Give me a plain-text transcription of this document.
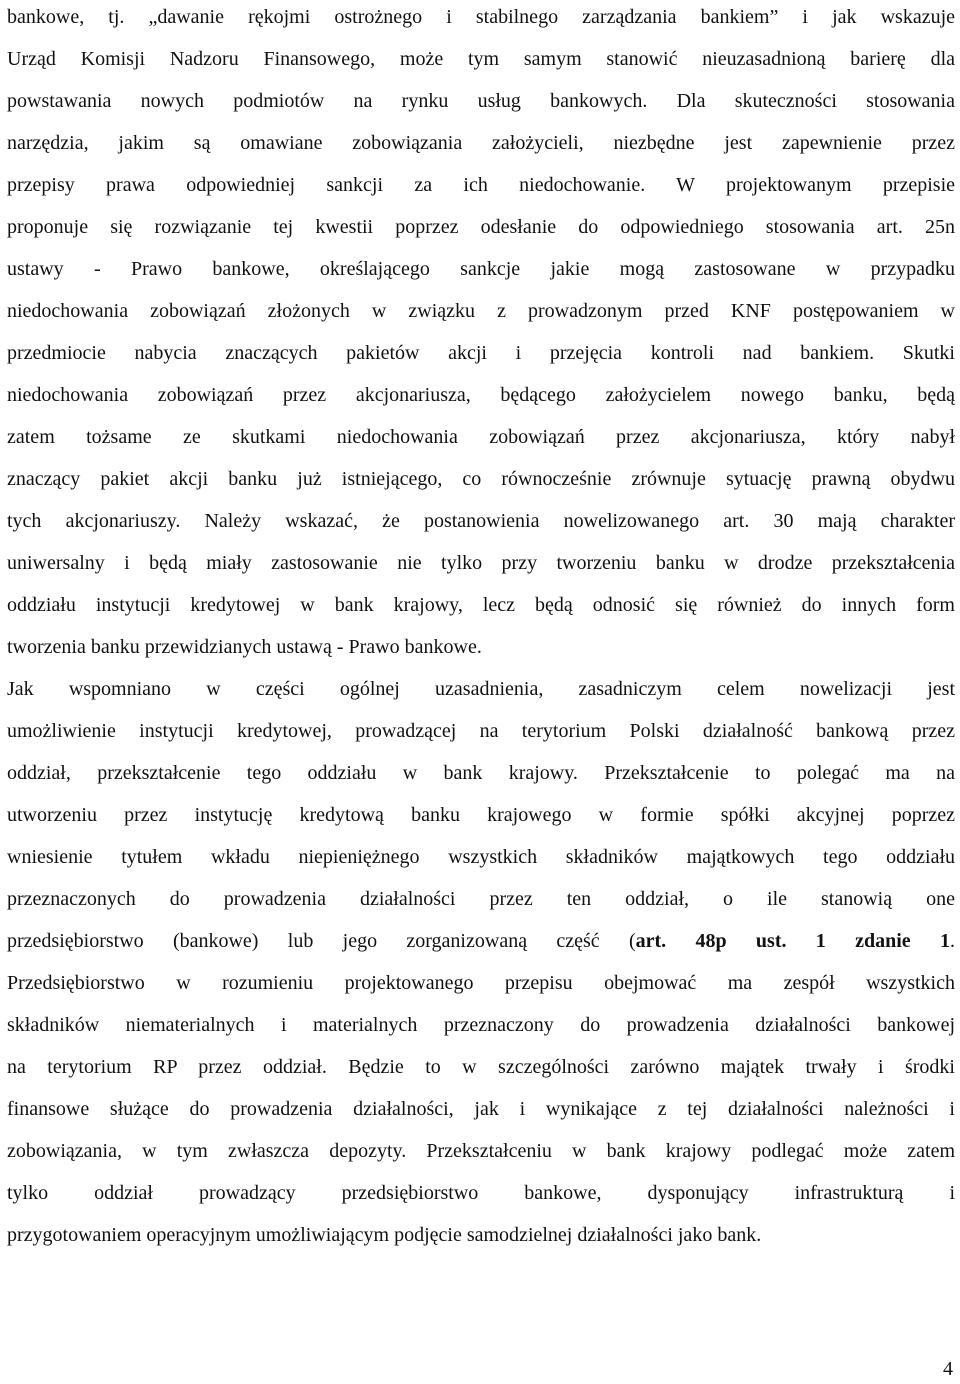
bankowe, tj. „dawanie rękojmi ostrożnego i stabilnego zarządzania bankiem” i jak wskazuje
Urząd Komisji Nadzoru Finansowego, może tym samym stanowić nieuzasadnioną barierę dla
powstawania nowych podmiotów na rynku usług bankowych. Dla skuteczności stosowania
narzędzia, jakim są omawiane zobowiązania założycieli, niezbędne jest zapewnienie przez
przepisy prawa odpowiedniej sankcji za ich niedochowanie. W projektowanym przepisie
proponuje się rozwiązanie tej kwestii poprzez odesłanie do odpowiedniego stosowania art. 25n
ustawy - Prawo bankowe, określającego sankcje jakie mogą zastosowane w przypadku
niedochowania zobowiązań złożonych w związku z prowadzonym przed KNF postępowaniem w
przedmiocie nabycia znaczących pakietów akcji i przejęcia kontroli nad bankiem. Skutki
niedochowania zobowiązań przez akcjonariusza, będącego założycielem nowego banku, będą
zatem tożsame ze skutkami niedochowania zobowiązań przez akcjonariusza, który nabył
znaczący pakiet akcji banku już istniejącego, co równocześnie zrównuje sytuację prawną obydwu
tych akcjonariuszy. Należy wskazać, że postanowienia nowelizowanego art. 30 mają charakter
uniwersalny i będą miały zastosowanie nie tylko przy tworzeniu banku w drodze przekształcenia
oddziału instytucji kredytowej w bank krajowy, lecz będą odnosić się również do innych form
tworzenia banku przewidzianych ustawą - Prawo bankowe.
Jak wspomniano w części ogólnej uzasadnienia, zasadniczym celem nowelizacji jest
umożliwienie instytucji kredytowej, prowadzącej na terytorium Polski działalność bankową przez
oddział, przekształcenie tego oddziału w bank krajowy. Przekształcenie to polegać ma na
utworzeniu przez instytucję kredytową banku krajowego w formie spółki akcyjnej poprzez
wniesienie tytułem wkładu niepieniężnego wszystkich składników majątkowych tego oddziału
przeznaczonych do prowadzenia działalności przez ten oddział, o ile stanowią one
przedsiębiorstwo (bankowe) lub jego zorganizowaną część (art. 48p ust. 1 zdanie 1.
Przedsiębiorstwo w rozumieniu projektowanego przepisu obejmować ma zespół wszystkich
składników niematerialnych i materialnych przeznaczony do prowadzenia działalności bankowej
na terytorium RP przez oddział. Będzie to w szczególności zarówno majątek trwały i środki
finansowe służące do prowadzenia działalności, jak i wynikające z tej działalności należności i
zobowiązania, w tym zwłaszcza depozyty. Przekształceniu w bank krajowy podlegać może zatem
tylko oddział prowadzący przedsiębiorstwo bankowe, dysponujący infrastrukturą i
przygotowaniem operacyjnym umożliwiającym podjęcie samodzielnej działalności jako bank.
4
